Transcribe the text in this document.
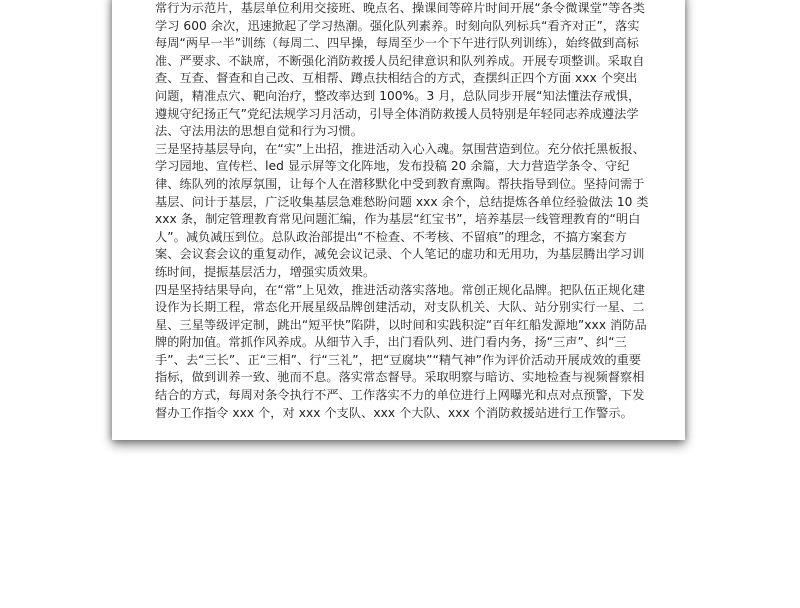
常行为示范片，基层单位利用交接班、晚点名、操课间等碎片时间开展“条令微课堂”等各类学习 600 余次，迅速掀起了学习热潮。强化队列素养。时刻向队列标兵“看齐对正”，落实每周“两早一半”训练（每周二、四早操，每周至少一个下午进行队列训练），始终做到高标准、严要求、不缺席，不断强化消防救援人员纪律意识和队列养成。开展专项整训。采取自查、互查、督查和自己改、互相帮、蹲点扶相结合的方式，查摆纠正四个方面 xxx 个突出问题，精准点穴、靶向治疗，整改率达到 100%。3 月，总队同步开展“知法懂法存戒惧，遵规守纪扬正气”党纪法规学习月活动，引导全体消防救援人员特别是年轻同志养成遵法学法、守法用法的思想自觉和行为习惯。

三是坚持基层导向，在“实”上出招，推进活动入心入魂。氛围营造到位。充分依托黑板报、学习园地、宣传栏、led 显示屏等文化阵地，发布投稿 20 余篇，大力营造学条令、守纪律、练队列的浓厚氛围，让每个人在潜移默化中受到教育熏陶。帮扶指导到位。坚持问需于基层、问计于基层，广泛收集基层急难愁盼问题 xxx 余个，总结提炼各单位经验做法 10 类 xxx 条，制定管理教育常见问题汇编，作为基层“红宝书”，培养基层一线管理教育的“明白人”。减负减压到位。总队政治部提出“不检查、不考核、不留痕”的理念，不搞方案套方案、会议套会议的重复动作，减免会议记录、个人笔记的虚功和无用功，为基层腾出学习训练时间，提振基层活力，增强实质效果。

四是坚持结果导向，在“常”上见效，推进活动落实落地。常创正规化品牌。把队伍正规化建设作为长期工程，常态化开展星级品牌创建活动，对支队机关、大队、站分别实行一星、二星、三星等级评定制，跳出“短平快”陷阱，以时间和实践积淀“百年红船发源地”xxx 消防品牌的附加值。常抓作风养成。从细节入手，出门看队列、进门看内务，扬“三声”、纠“三手”、去“三长”、正“三相”、行“三礼”，把“豆腐块”“精气神”作为评价活动开展成效的重要指标，做到训养一致、驰而不息。落实常态督导。采取明察与暗访、实地检查与视频督察相结合的方式，每周对条令执行不严、工作落实不力的单位进行上网曝光和点对点预警，下发督办工作指令 xxx 个，对 xxx 个支队、xxx 个大队、xxx 个消防救援站进行工作警示。
